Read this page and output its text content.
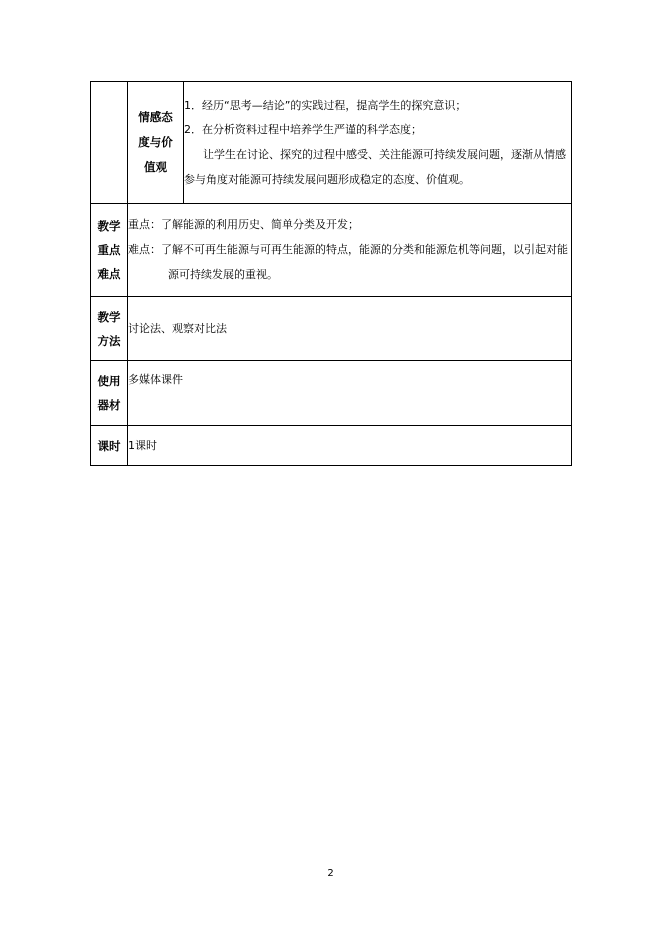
	情感态
度与价
值观	1．经历“思考—结论”的实践过程，提高学生的探究意识；
2．在分析资料过程中培养学生严谨的科学态度；
让学生在讨论、探究的过程中感受、关注能源可持续发展问题，逐渐从情感参与角度对能源可持续发展问题形成稳定的态度、价值观。

教学
重点
难点	重点：了解能源的利用历史、简单分类及开发；
难点：了解不可再生能源与可再生能源的特点，能源的分类和能源危机等问题，以引起对能源可持续发展的重视。	

教学
方法	讨论法、观察对比法	

使用
器材	多媒体课件	

课时	1课时	
2
